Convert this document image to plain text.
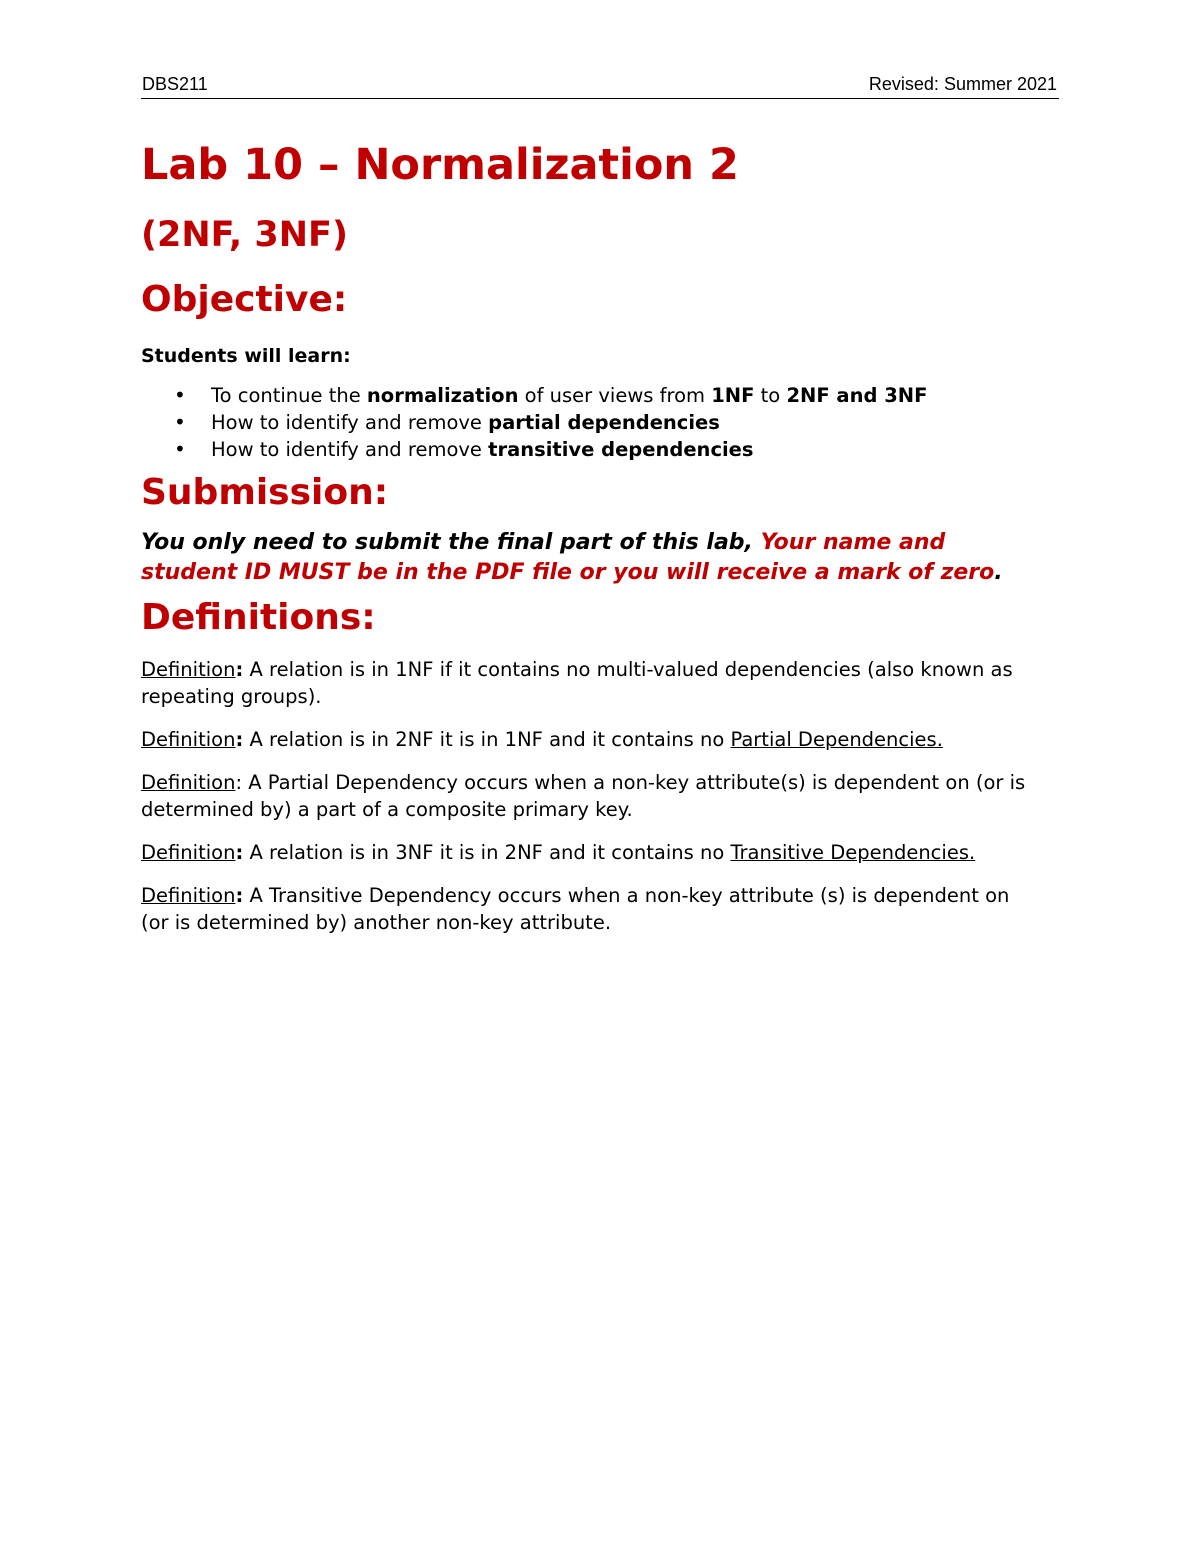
DBS211	Revised: Summer 2021
Lab 10 – Normalization 2
(2NF, 3NF)
Objective:
Students will learn:
• To continue the normalization of user views from 1NF to 2NF and 3NF
• How to identify and remove partial dependencies
• How to identify and remove transitive dependencies
Submission:
You only need to submit the final part of this lab, Your name and student ID MUST be in the PDF file or you will receive a mark of zero.
Definitions:
Definition: A relation is in 1NF if it contains no multi-valued dependencies (also known as repeating groups).
Definition: A relation is in 2NF it is in 1NF and it contains no Partial Dependencies.
Definition: A Partial Dependency occurs when a non-key attribute(s) is dependent on (or is determined by) a part of a composite primary key.
Definition: A relation is in 3NF it is in 2NF and it contains no Transitive Dependencies.
Definition: A Transitive Dependency occurs when a non-key attribute (s) is dependent on (or is determined by) another non-key attribute.
